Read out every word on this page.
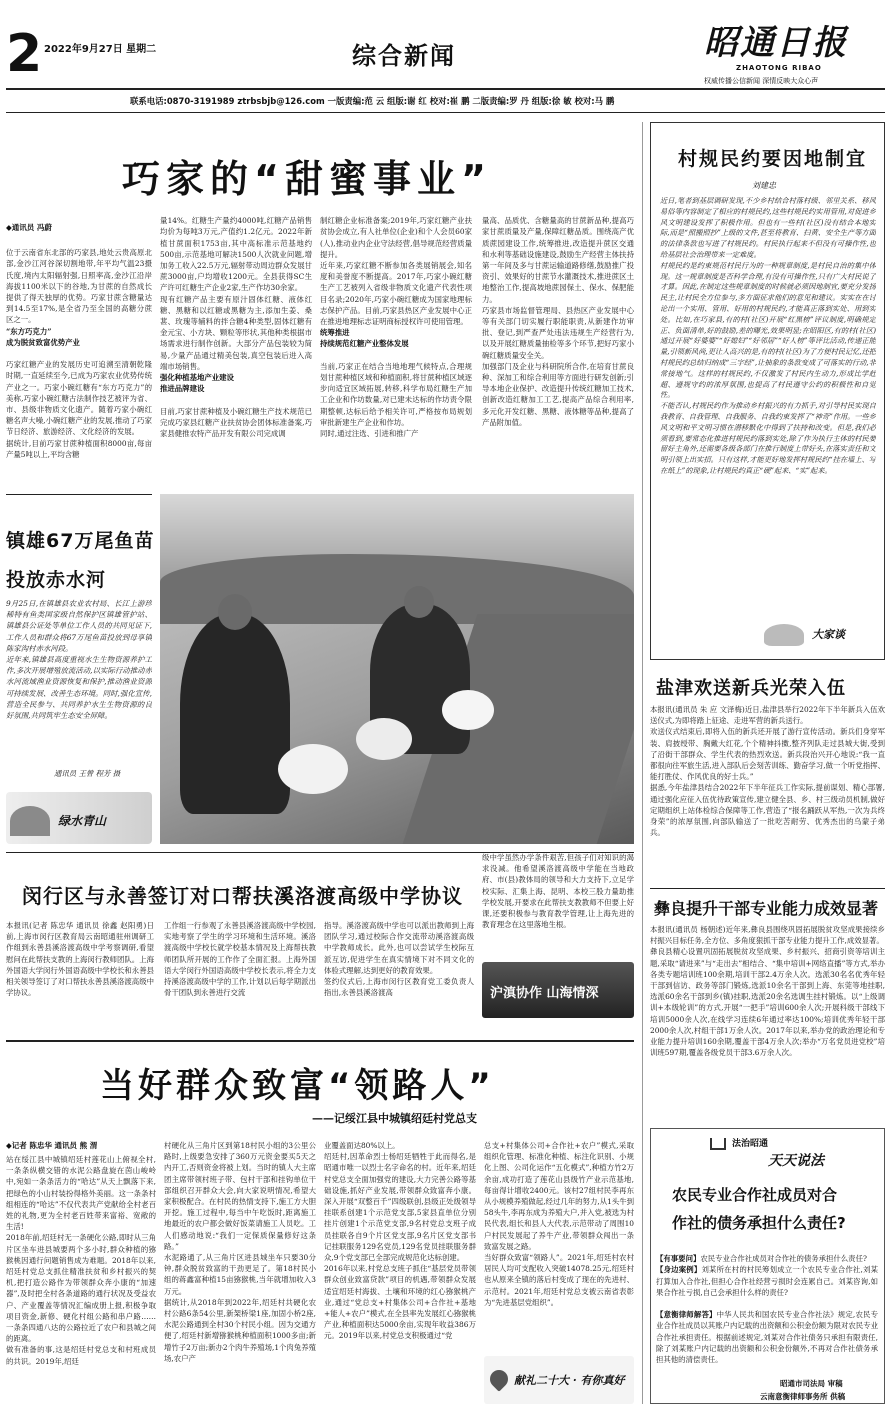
2 2022年9月27日 星期二	综合新闻	昭通日报
ZHAOTONG RIBAO
权威传播公信新闻 深情反映大众心声
联系电话:0870-3191989 ztrbsbjb@126.com 一版责编:范 云 组版:谢 红 校对:崔 鹏 二版责编:罗 丹 组版:徐 敏 校对:马 鹏
巧家的“甜蜜事业”
◆通讯员 冯蔚

位于云南省东北部的巧家县,地处云贵高原北部,金沙江河谷深切割地带,年平均气温23摄氏度,境内太阳辐射强,日照率高,金沙江沿岸海拔1100米以下的谷地,为甘蔗的自然成长提供了得天独厚的优势。巧家甘蔗含糖量达到14.5至17%,是全省乃至全国的高糖分蔗区之一。

“东方巧克力”
成为脱贫致富优势产业

巧家红糖产业的发展历史可追溯至清朝乾隆时期,一直延续至今,已成为巧家农业优势传统产业之一。巧家小碗红糖有“东方巧克力”的美称,巧家小碗红糖古法制作技艺被评为省、市、县级非物质文化遗产。随着巧家小碗红糖名声大噪,小碗红糖产业的发展,推动了巧家节日经济、旅游经济、文化经济的发展。
据统计,目前巧家甘蔗种植面积8000亩,每亩产量5吨以上,平均含糖

量14%。红糖生产量约4000吨,红糖产品销售均价为每吨3万元,产值约1.2亿元。2022年新植甘蔗面积1753亩,其中高标准示范基地约500亩,示范基地可解决1500人次就业问题,增加务工收入22.5万元,辐射带动周边群众发展甘蔗3000亩,户均增收1200元。全县获得SC生产许可红糖生产企业2家,生产作坊30余家。
现有红糖产品主要有原汁固体红糖、液体红糖、黑糖和以红糖或黑糖为主,添加生姜、桑葚、玫瑰等辅料的拌合糖4种类型,固体红糖有金元宝、小方块、颗粒等形状,其他种类根据市场需求进行制作创新。大部分产品包装较为简易,少量产品通过精美包装,真空包装后进入高端市场销售。

强化种植基地产业建设
推进品牌建设

目前,巧家甘蔗种植及小碗红糖生产技术规范已完成巧家县红糖产业扶贫协会团体标准备案,巧家县健推农特产品开发有限公司完成调

制红糖企业标准备案;2019年,巧家红糖产业扶贫协会成立,有人社单位(企业)和个人会员60家(人),推动业内企业守法经营,倡导规范经营质量提升。
近年来,巧家红糖不断参加各类展销展会,知名度和美誉度不断提高。2017年,巧家小碗红糖生产工艺被列入省级非物质文化遗产代表性项目名录;2020年,巧家小碗红糖成为国家地理标志保护产品。目前,巧家县热区产业发展中心正在推进地理标志证明商标授权许可使用管理。

统筹推进
持续规范红糖产业整体发展

当前,巧家正在结合当地地理气候特点,合理规划甘蔗种植区域和种植面积,将甘蔗种植区域逐步向适宜区域拓展,转移,科学布局红糖生产加工企业和作坊数量,对已建未达标的作坊责令限期整顿,达标后给予相关许可,严格按布局规划审批新建生产企业和作坊。
同时,通过注选、引进和推广产

量高、品质优、含糖量高的甘蔗新品种,提高巧家甘蔗质量及产量,保障红糖品质。围绕高产优质蔗园建设工作,统筹推进,改造提升蔗区交通和水利等基础设施建设,鼓励生产经营主体扶持第一年间及多与甘蔗运输道路修缮,鼓励推广投资引、效果好的甘蔗节水灌溉技术,推进蔗区土地整治工作,提高坡地蔗园保土、保水、保肥能力。
巧家县市场监督管理局、县热区产业发展中心等有关部门切实履行职能职责,从新建作坊审批、登记,到严查严处违法违规生产经营行为,以及开展红糖质量抽检等多个环节,把好巧家小碗红糖质量安全关。
加强部门及企业与科研院所合作,在培育甘蔗良种、深加工和综合利用等方面进行研发创新;引导本地企业保护、改造提升传统红糖加工技术,创新改造红糖加工工艺,提高产品综合利用率,多元化开发红糖、黑糖、液体糖等品种,提高了产品附加值。

镇雄67万尾鱼苗
投放赤水河
9月25日,在镇雄县农业农村局、长江上游珍稀特有鱼类国家级自然保护区镇雄管护站、镇雄县公证处等单位工作人员的共同见证下,工作人员和群众将67万尾鱼苗投放到母享镇陈家沟村赤水河段。
近年来,镇雄县高度重视水生生物资源养护工作,多次开展增殖放流活动,以实际行动推动赤水河流域渔业资源恢复和保护,推动渔业资源可持续发展、改善生态环境。同时,强化宣传,营造全民参与、共同养护水生生物资源的良好氛围,共同筑牢生态安全屏障。
通讯员 王曾 程芳 摄
绿水青山
闵行区与永善签订对口帮扶溪洛渡高级中学协议
本报讯(记者 陈忠华 通讯员 徐鑫 赵阳勇)日前,上海市闵行区教育局云南昭通驻州调研工作组到永善县溪洛渡高级中学考察调研,看望慰问在此帮扶支教的上海闵行教师团队。上海外国语大学闵行外国语高级中学校长和永善县相关领导签订了对口帮扶永善县溪洛渡高级中学协议。
工作组一行参观了永善县溪洛渡高级中学校园,实地考察了学生的学习环境和生活环境。溪洛渡高级中学校长就学校基本情况及上海帮扶教师团队所开展的工作作了全面汇报。上海外国语大学闵行外国语高级中学校长表示,将全力支持溪洛渡高级中学的工作,计划以后每学期派出骨干团队到永善进行交流
指导。溪洛渡高级中学也可以派出教师到上海团队学习,通过校际合作交流带动溪洛渡高级中学教师成长。此外,也可以尝试学生校际互派互访,促进学生在真实情境下对不同文化的体验式理解,达到更好的教育效果。
签约仪式后,上海市闵行区教育党工委负责人指出,永善县溪洛渡高
级中学虽然办学条件艰苦,但孩子们对知识的渴求没减。他希望溪洛渡高级中学能在当地政府、市(县)教体局的领导和大力支持下,立足学校实际、汇集上海、昆明、本校三股力量助推学校发展,开要求在此帮扶支教教师不但要上好课,还要积极参与教育教学管理,让上海先进的教育理念在这里落地生根。
沪滇协作 山海情深
当好群众致富“领路人”
——记绥江县中城镇绍廷村党总支
◆记者 陈忠华 通讯员 熊 渭
站在绥江县中城镇绍廷村莲花山上俯视全村,一条条纵横交错的水泥公路盘旋在茵山峻岭中,宛如一条条活力的“哈达”从天上飘落下来,把绿色的小山村装扮得格外美丽。这一条条村组相连的“哈达”不仅代表共产党献给全村老百姓的礼物,更为全村老百姓带来富裕、宽敞的生活!
2018年前,绍廷村无一条硬化公路,即时从三角片区坐车进县城要两个多小时,群众种植的猕猴桃因通行问题销售成为难题。2018年以来,绍廷村党总支抓住精准扶贫和乡村振兴的契机,把打造公路作为带领群众奔小康的“加速器”,及时把全村各条道路的通行状况及受益农户、产业覆盖等情况汇编成册上报,积极争取项目资金,新修、硬化村组公路和串户路……一条条四通八达的公路拉近了农户和县城之间的距离。
做有准备的事,这是绍廷村党总支和村班成员的共识。2019年,绍廷
村硬化从三角片区到第18村民小组的3公里公路时,上级要急安排了360万元资金要买5天之内开工,否则资金将被上划。当时的镇人大主席团主席带领村班子带、包村干部和挂钩单位干部组织召开群众大会,向大家说明情况,希望大家积极配合。在村民的热情支持下,施工方大胆开挖。施工过程中,每当中午吃饭时,距离施工地最近的农户都会做好饭菜请施工人员吃。工人们感动地说:“我们一定保质保量修好这条路。”
水泥路通了,从三角片区进县城坐车只要30分钟,群众脱贫致富的干劲更足了。第18村民小组的蒋鑫富种植15亩猕猴桃,当年就增加收入3万元。
据统计,从2018年到2022年,绍廷村共硬化农村公路6条54公里,新架桥梁1座,加固小桥2座,水泥公路通到全村30个村民小组。因为交通方便了,绍廷村新增猕猴桃种植面积1000多亩;新增竹子2万亩;新办2个肉牛养殖场,1个肉兔养殖场,农户产
业覆盖面达80%以上。
绍廷村,因革命烈士杨绍廷牺牲于此而得名,是昭通市唯一以烈士名字命名的村。近年来,绍廷村党总支全面加强党的建设,大力完善公路等基础设施,抓好产业发展,带领群众致富奔小康。深入开展“双整百千”四级联创,县级正处级领导挂联系创建1个示范党支部,5家县直单位分别挂片创建1个示范党支部,9名村党总支班子成员挂联各自9个片区党支部,9名片区党支部书记挂联服务129名党员,129名党员挂联服务群众,9个党支部已全部完成规范化达标创建。
2016年以来,村党总支班子抓住“基层党员带领群众创业致富贷款”项目的机遇,带领群众发展适宜绍廷村海拔、土壤和环境的红心猕猴桃产业,通过“党总支+村集体公司+合作社+基地+能人+农户”模式,在全县率先发展红心猕猴桃产业,种植面积达5000余亩,实现年收益386万元。2019年以来,村党总支积极通过“党
总支+村集体公司+合作社+农户”模式,采取组织化管理、标准化种植、标注化识别、小规化上图、公司化运作“五化模式”,种植方竹2万余亩,成功打造了莲花山县级竹产业示范基地,每亩得计增收2400元。该村27组村民李再东从小规模养殖做起,经过几年的努力,从1头牛到58头牛,李再东成为养殖大户,并入党,被选为村民代表,组长和县人大代表,示范带动了周围10户村民发展起了养牛产业,带领群众闯出一条致富发展之路。
当好群众致富“领路人”。2021年,绍廷村农村居民人均可支配收入突破14078.25元,绍廷村也从原来全镇的落后村变成了现在的先进村、示范村。2021年,绍廷村党总支被云南省表彰为“先进基层党组织”。
献礼二十大 · 有你真好
村规民约要因地制宜
刘建忠
近日,笔者到基层调研发现,不少乡村结合村落村级、邻里关系、移风易俗等内容制定了相应的村规民约,这些村规民约实用管用,对促进乡风文明建设发挥了积极作用。但也有一些村(社区)没有结合本地实际,而是“照搬照抄”上级的文件,甚至将教育、扫黄、安全生产等方面的法律条款也写进了村规民约。村民执行起来不但没有可操作性,也给基层社会治理带来一定难度。
村规民约是约束规范村民行为的一种规章制度,是村民自治的集中体现。这一规章制度是否科学合理,有没有可操作性,只有广大村民说了才算。因此,在制定这些规章制度的时候就必须因地制宜,要充分发扬民主,让村民全方位参与,多方面征求他们的意见和建议。实实在在讨论出一个实用、管用、好用的村规民约,才能真正落到实处、用到实处。比如,在巧家县,有的村(社区)开展“红黑榜”评议制度,明确规定正、负面清单,好的鼓励,差的曝光,效果明显;在昭阳区,有的村(社区)通过开展“好婆婆”“好媳妇”“好邻居”“好人榜”等评比活动,传递正能量,引领新风尚,更让人高兴的是,有的村(社区)为了方便村民记忆,还把村规民约总结归纳成“三字经”,让抽象的条款变成了可落实的行动,非常接地气。这样的村规民约,不仅激发了村民内生动力,形成比学赶超、遵规守约的浓厚氛围,也提高了村民遵守公约的积极性和自觉性。
不能否认,村规民约作为推动乡村振兴的有力抓手,对引导村民实现自我教育、自我管理、自我服务、自我约束发挥了“神奇”作用。一些乡风文明和平文明习惯在潜移默化中得到了扶持和改变。但是,我们必须看到,要常态化推进村规民约落到实处,除了作为执行主体的村民要留好主角外,还需要各级各部门在推行制度上带好头,在落实责任和文明引领上出实招。只有这样,才能更好地发挥村规民约“挂在墙上、写在纸上”的现象,让村规民约真正“硬”起来、“实”起来。
大家谈
盐津欢送新兵光荣入伍
本报讯(通讯员 朱 应 文泽梅)近日,盐津县举行2022年下半年新兵入伍欢送仪式,为即将踏上征途、走进军营的新兵送行。
欢送仪式结束后,即将入伍的新兵还开展了游行宣传活动。新兵们身穿军装、肩披绶带、胸戴大红花,个个精神抖擞,整齐列队走过县城大街,受到了沿街干部群众、学生代表的热烈欢送。新兵段治兴开心地说:“我一直都很向往军旅生活,进入部队后会刻苦训练、勤奋学习,做一个听党指挥、能打胜仗、作风优良的好士兵。”
据悉,今年盐津县结合2022年下半年征兵工作实际,提前谋划、精心部署,通过强化应征入伍优待政策宣传,建立健全县、乡、村三级动员机制,做好定期组织上站体检综合保障等工作,营造了“报名踊跃从军热,一次为兵终身荣”的浓厚氛围,向部队输送了一批吃苦耐劳、优秀杰出的乌蒙子弟兵。
彝良提升干部专业能力成效显著
本报讯(通讯员 杨朝述)近年来,彝良县围绕巩固拓展脱贫攻坚成果接续乡村振兴目标任务,全方位、多角度狠抓干部专业能力提升工作,成效显著。
彝良县精心设置巩固拓展脱贫攻坚成果、乡村振兴、招商引资等培训主题,采取“请进来”与“走出去”相结合、“集中培训+网络直播”等方式,举办各类专题培训班100余期,培训干部2.4万余人次。选派30名名优秀年轻干部到信访、政务等部门锻炼,选派10余名干部到上海、东莞等地挂职,选派60余名干部到乡(镇)挂职,选派20余名选调生挂村锻炼。以“上级调训+本级轮训”的方式,开展“一把手”培训600余人次;开展科级干部线下培训5000余人次,在线学习连续6年通过率达100%;培训优秀年轻干部2000余人次,村组干部1万余人次。2017年以来,举办党的政治理论和专业能力提升培训160余期,覆盖干部4万余人次;举办“万名党员进党校”培训班597期,覆盖各级党员干部3.6万余人次。
法治昭通
天天说法
农民专业合作社成员对合
作社的债务承担什么责任?

【有事要问】农民专业合作社成员对合作社的债务承担什么责任?

【身边案例】刘某所在村的村民筹划成立一个农民专业合作社,刘某打算加入合作社,但担心合作社经营亏损时会连累自己。刘某咨询,如果合作社亏损,自己会承担什么样的责任?

【意衡律师解答】中华人民共和国农民专业合作社法》规定,农民专业合作社成员以其账户内记载的出资额和公积金份额为限对农民专业合作社承担责任。根据前述规定,刘某对合作社债务只承担有限责任,除了刘某账户内记载的出资额和公积金份额外,不再对合作社债务承担其他的清偿责任。

昭通市司法局 审稿
云南意衡律师事务所 供稿
